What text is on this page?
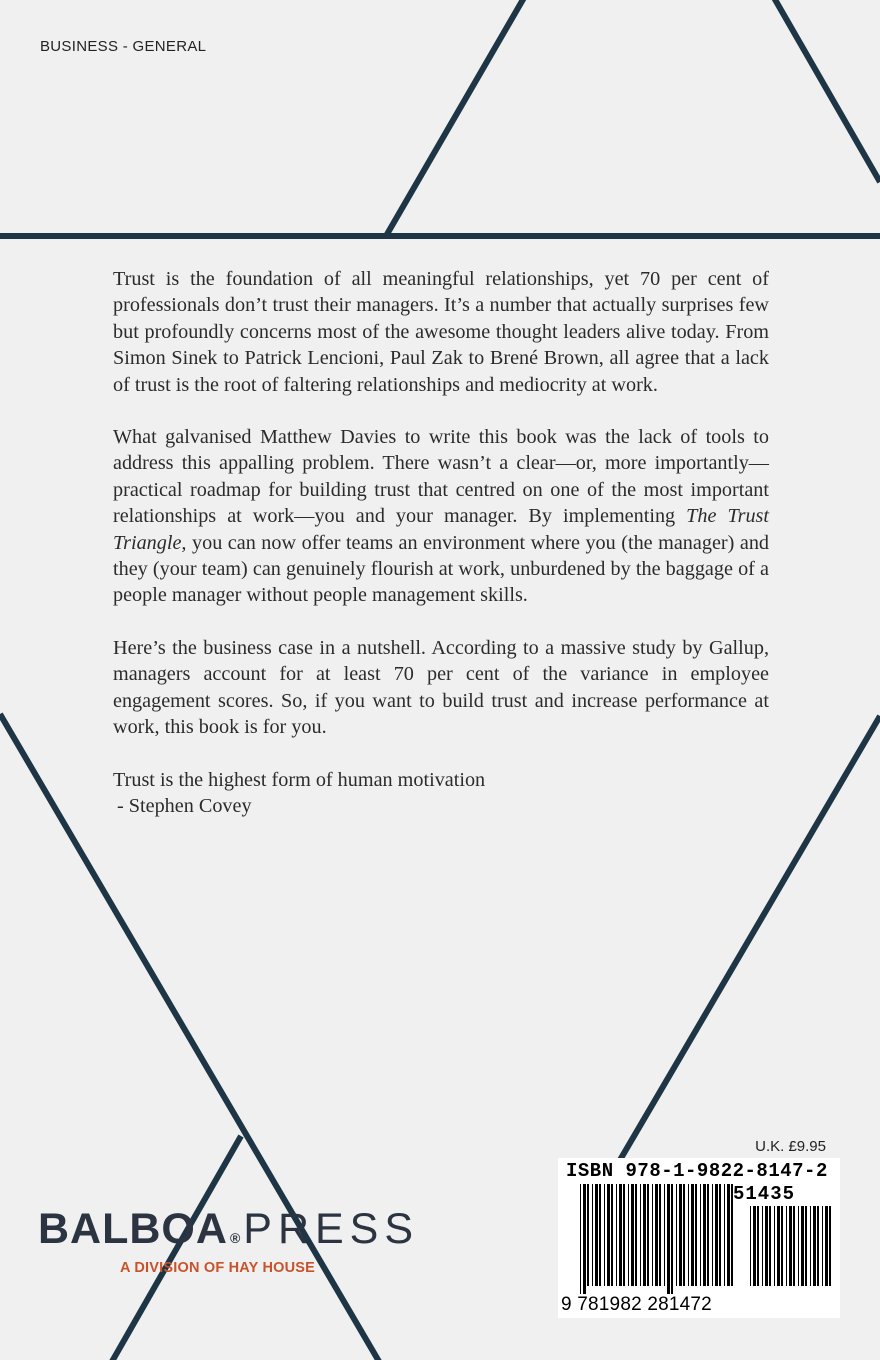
BUSINESS - GENERAL

Trust is the foundation of all meaningful relationships, yet 70 per cent of professionals don’t trust their managers. It’s a number that actually surprises few but profoundly concerns most of the awesome thought leaders alive today. From Simon Sinek to Patrick Lencioni, Paul Zak to Brené Brown, all agree that a lack of trust is the root of faltering relationships and mediocrity at work.

What galvanised Matthew Davies to write this book was the lack of tools to address this appalling problem. There wasn’t a clear—or, more importantly—practical roadmap for building trust that centred on one of the most important relationships at work—you and your manager. By implementing The Trust Triangle, you can now offer teams an environment where you (the manager) and they (your team) can genuinely flourish at work, unburdened by the baggage of a people manager without people management skills.

Here’s the business case in a nutshell. According to a massive study by Gallup, managers account for at least 70 per cent of the variance in employee engagement scores. So, if you want to build trust and increase performance at work, this book is for you.

Trust is the highest form of human motivation

- Stephen Covey

BALBOA ®PRESS
A DIVISION OF HAY HOUSE
U.K. £9.95
ISBN 978-1-9822-8147-2
51435
9 781982 281472
